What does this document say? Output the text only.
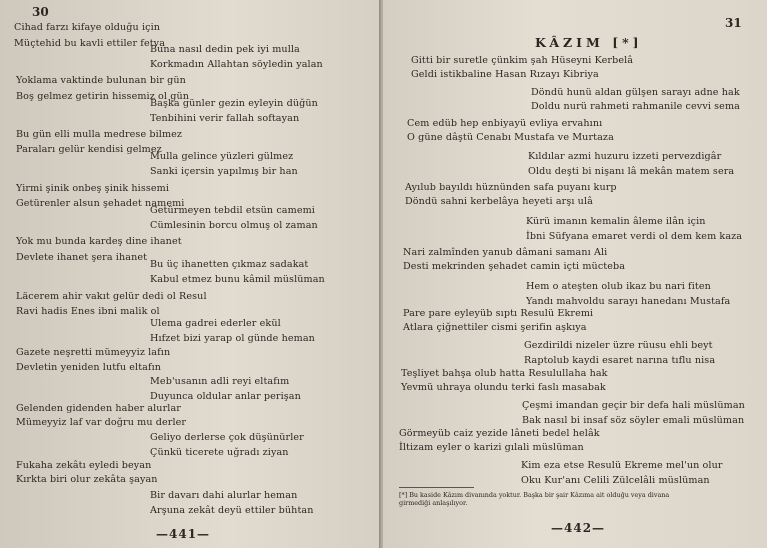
30
Cihad farzı kifaye olduğu için
Müçtehid bu kavli ettiler fetva
Buna nasıl dedin pek iyi mulla
Korkmadın Allahtan söyledin yalan
Yoklama vaktinde bulunan bir gün
Boş gelmez getirin hissemiz ol gün
Başka günler gezin eyleyin düğün
Tenbihini verir fallah softayan
Bu gün elli mulla medrese bilmez
Paraları gelür kendisi gelmez
Mulla gelince yüzleri gülmez
Sanki içersin yapılmış bir han
Yirmi şinik onbeş şinik hissemi
Getürenler alsun şehadet namemi
Getürmeyen tebdil etsün camemi
Cümlesinin borcu olmuş ol zaman
Yok mu bunda kardeş dine ihanet
Devlete ihanet şera ihanet
Bu üç ihanetten çıkmaz sadakat
Kabul etmez bunu kâmil müslüman
Läcerem ahir vakıt gelür dedi ol Resul
Ravi hadis Enes ibni malik ol
Ulema gadrei ederler ekül
Hıfzet bizi yarap ol günde heman
Gazete neşretti mümeyyiz lafın
Devletin yeniden lutfu eltafın
Meb'usanın adli reyi eltafım
Duyunca oldular anlar perişan
Gelenden gidenden haber alurlar
Mümeyyiz laf var doğru mu derler
Geliyo derlerse çok düşünürler
Çünkü ticerete uğradı ziyan
Fukaha zekâtı eyledi beyan
Kırkta biri olur zekâta şayan
Bir davarı dahi alurlar heman
Arşuna zekât deyü ettiler bühtan
—441—
31
KÂZIM [*]
Gitti bir suretle çünkim şah Hüseyni Kerbelâ
Geldi istikbaline Hasan Rızayı Kibriya
Döndü hunü aldan gülşen sarayı adne hak
Doldu nurü rahmeti rahmanile cevvi sema
Cem edüb hep enbiyayü evliya ervahını
O güne dâştü Cenabı Mustafa ve Murtaza
Kıldılar azmi huzuru izzeti pervezdigâr
Oldu deşti bi nişanı lâ mekân matem sera
Ayılub bayıldı hüznünden safa puyanı kurp
Döndü sahni kerbelâya heyeti arşı ulâ
Kürü imanın kemalin âleme ilân için
İbni Süfyana emaret verdi ol dem kem kaza
Nari zalmînden yanub dâmani samanı Ali
Desti mekrinden şehadet camin içti mücteba
Hem o ateşten olub ikaz bu nari fiten
Yandı mahvoldu sarayı hanedanı Mustafa
Pare pare eyleyüb sıptı Resulü Ekremi
Atlara çiğnettiler cismi şerifin aşkıya
Gezdirildi nizeler üzre rüusu ehli beyt
Raptolub kaydi esaret narına tıflu nisa
Teşliyet bahşa olub hatta Resulullaha hak
Yevmü uhraya olundu terki faslı masabak
Çeşmi imandan geçir bir defa hali müslüman
Bak nasıl bi insaf söz söyler emali müslüman
Görmeyüb caiz yezide lâneti bedel helâk
İltizam eyler o karizi gılali müslüman
Kim eza etse Resulü Ekreme mel'un olur
Oku Kur'anı Celili Zülcelâli müslüman
[*] Bu kaside Kâzım divanında yoktur. Başka bir şair Kâzıma ait olduğu veya divana
girmediği anlaşılıyor.
—442—
